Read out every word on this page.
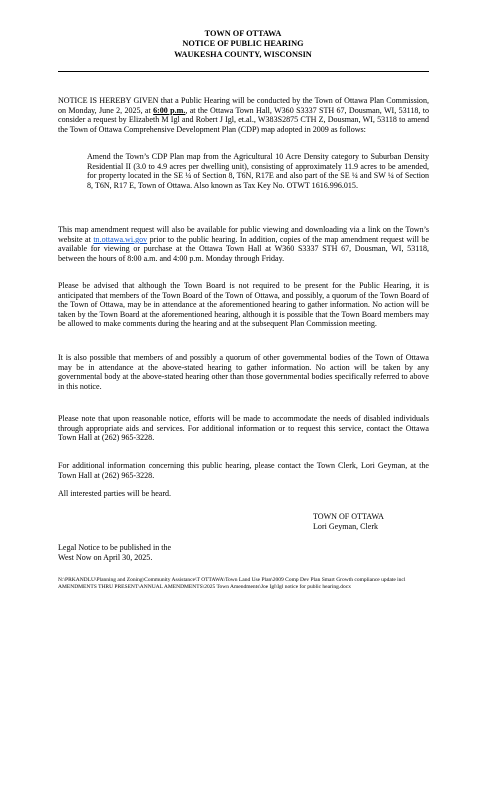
TOWN OF OTTAWA
NOTICE OF PUBLIC HEARING
WAUKESHA COUNTY, WISCONSIN

NOTICE IS HEREBY GIVEN that a Public Hearing will be conducted by the Town of Ottawa Plan Commission, on Monday, June 2, 2025, at 6:00 p.m., at the Ottawa Town Hall, W360 S3337 STH 67, Dousman, WI, 53118, to consider a request by Elizabeth M Igl and Robert J Igl, et.al., W383S2875 CTH Z, Dousman, WI, 53118 to amend the Town of Ottawa Comprehensive Development Plan (CDP) map adopted in 2009 as follows:

Amend the Town’s CDP Plan map from the Agricultural 10 Acre Density category to Suburban Density Residential II (3.0 to 4.9 acres per dwelling unit), consisting of approximately 11.9 acres to be amended, for property located in the SE ¼ of Section 8, T6N, R17E and also part of the SE ¼ and SW ¼ of Section 8, T6N, R17 E, Town of Ottawa. Also known as Tax Key No. OTWT 1616.996.015.

This map amendment request will also be available for public viewing and downloading via a link on the Town’s website at tn.ottawa.wi.gov prior to the public hearing. In addition, copies of the map amendment request will be available for viewing or purchase at the Ottawa Town Hall at W360 S3337 STH 67, Dousman, WI, 53118, between the hours of 8:00 a.m. and 4:00 p.m. Monday through Friday.

Please be advised that although the Town Board is not required to be present for the Public Hearing, it is anticipated that members of the Town Board of the Town of Ottawa, and possibly, a quorum of the Town Board of the Town of Ottawa, may be in attendance at the aforementioned hearing to gather information. No action will be taken by the Town Board at the aforementioned hearing, although it is possible that the Town Board members may be allowed to make comments during the hearing and at the subsequent Plan Commission meeting.
It is also possible that members of and possibly a quorum of other governmental bodies of the Town of Ottawa may be in attendance at the above-stated hearing to gather information. No action will be taken by any governmental body at the above-stated hearing other than those governmental bodies specifically referred to above in this notice.
Please note that upon reasonable notice, efforts will be made to accommodate the needs of disabled individuals through appropriate aids and services. For additional information or to request this service, contact the Ottawa Town Hall at (262) 965-3228.
For additional information concerning this public hearing, please contact the Town Clerk, Lori Geyman, at the Town Hall at (262) 965-3228.
All interested parties will be heard.
TOWN OF OTTAWA
Lori Geyman, Clerk
Legal Notice to be published in the
West Now on April 30, 2025.
N:\PRKANDLU\Planning and Zoning\Community Assistance\T OTTAWA\Town Land Use Plan\2009 Comp Dev Plan Smart Growth compliance update incl AMENDMENTS THRU PRESENT\ANNUAL AMENDMENTS\2025 Town Amendments\Joe Igl\Igl notice for public hearing.docx
